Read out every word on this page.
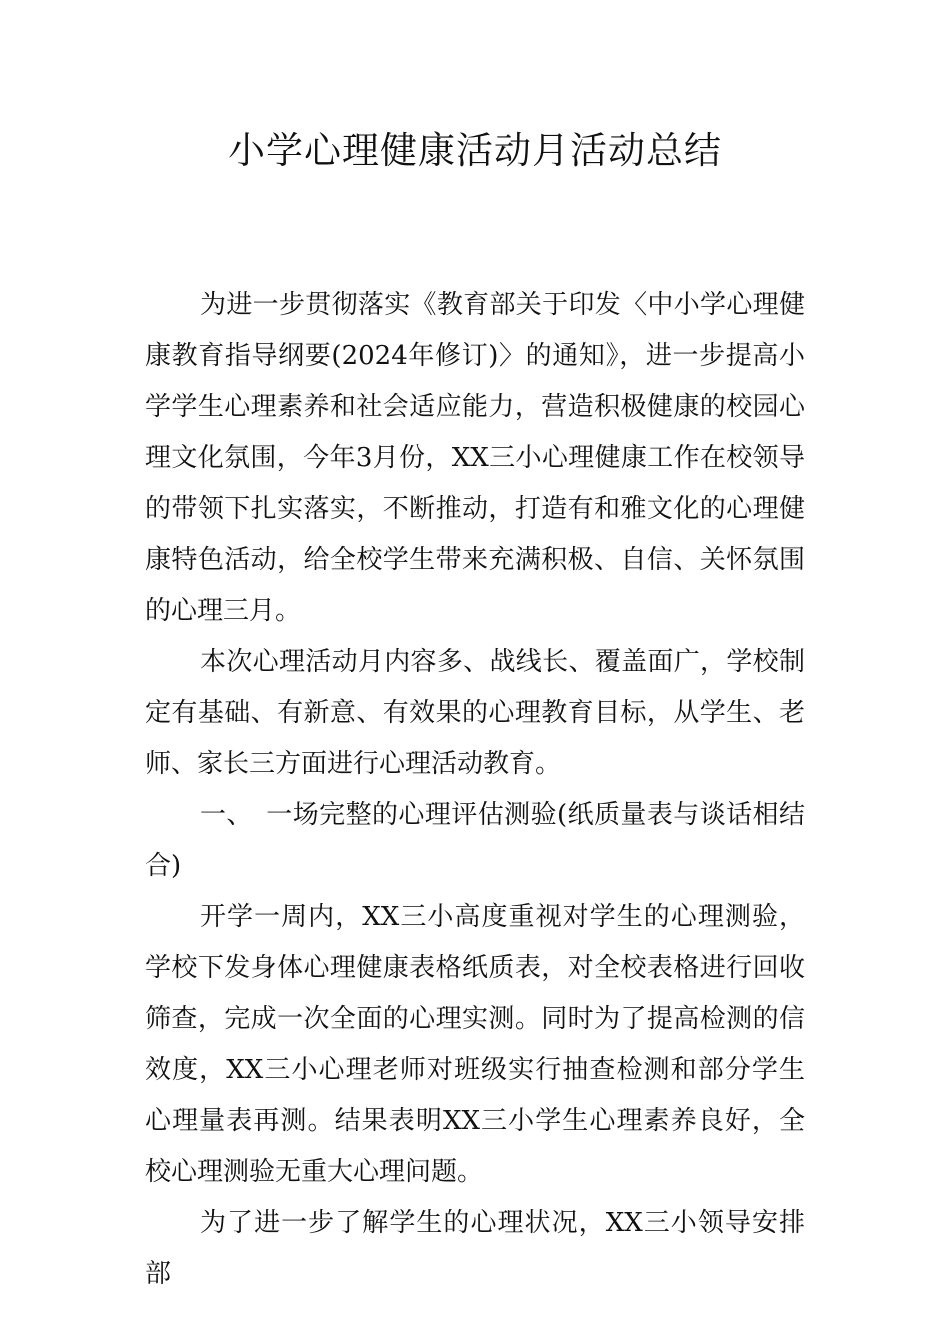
小学心理健康活动月活动总结

为进一步贯彻落实《教育部关于印发〈中小学心理健康教育指导纲要(2024年修订)〉的通知》，进一步提高小学学生心理素养和社会适应能力，营造积极健康的校园心理文化氛围，今年3月份，XX三小心理健康工作在校领导的带领下扎实落实，不断推动，打造有和雅文化的心理健康特色活动，给全校学生带来充满积极、自信、关怀氛围的心理三月。

本次心理活动月内容多、战线长、覆盖面广，学校制定有基础、有新意、有效果的心理教育目标，从学生、老师、家长三方面进行心理活动教育。

一、　一场完整的心理评估测验(纸质量表与谈话相结合)

开学一周内，XX三小高度重视对学生的心理测验，学校下发身体心理健康表格纸质表，对全校表格进行回收筛查，完成一次全面的心理实测。同时为了提高检测的信效度，XX三小心理老师对班级实行抽查检测和部分学生心理量表再测。结果表明XX三小学生心理素养良好，全校心理测验无重大心理问题。

为了进一步了解学生的心理状况，XX三小领导安排部
